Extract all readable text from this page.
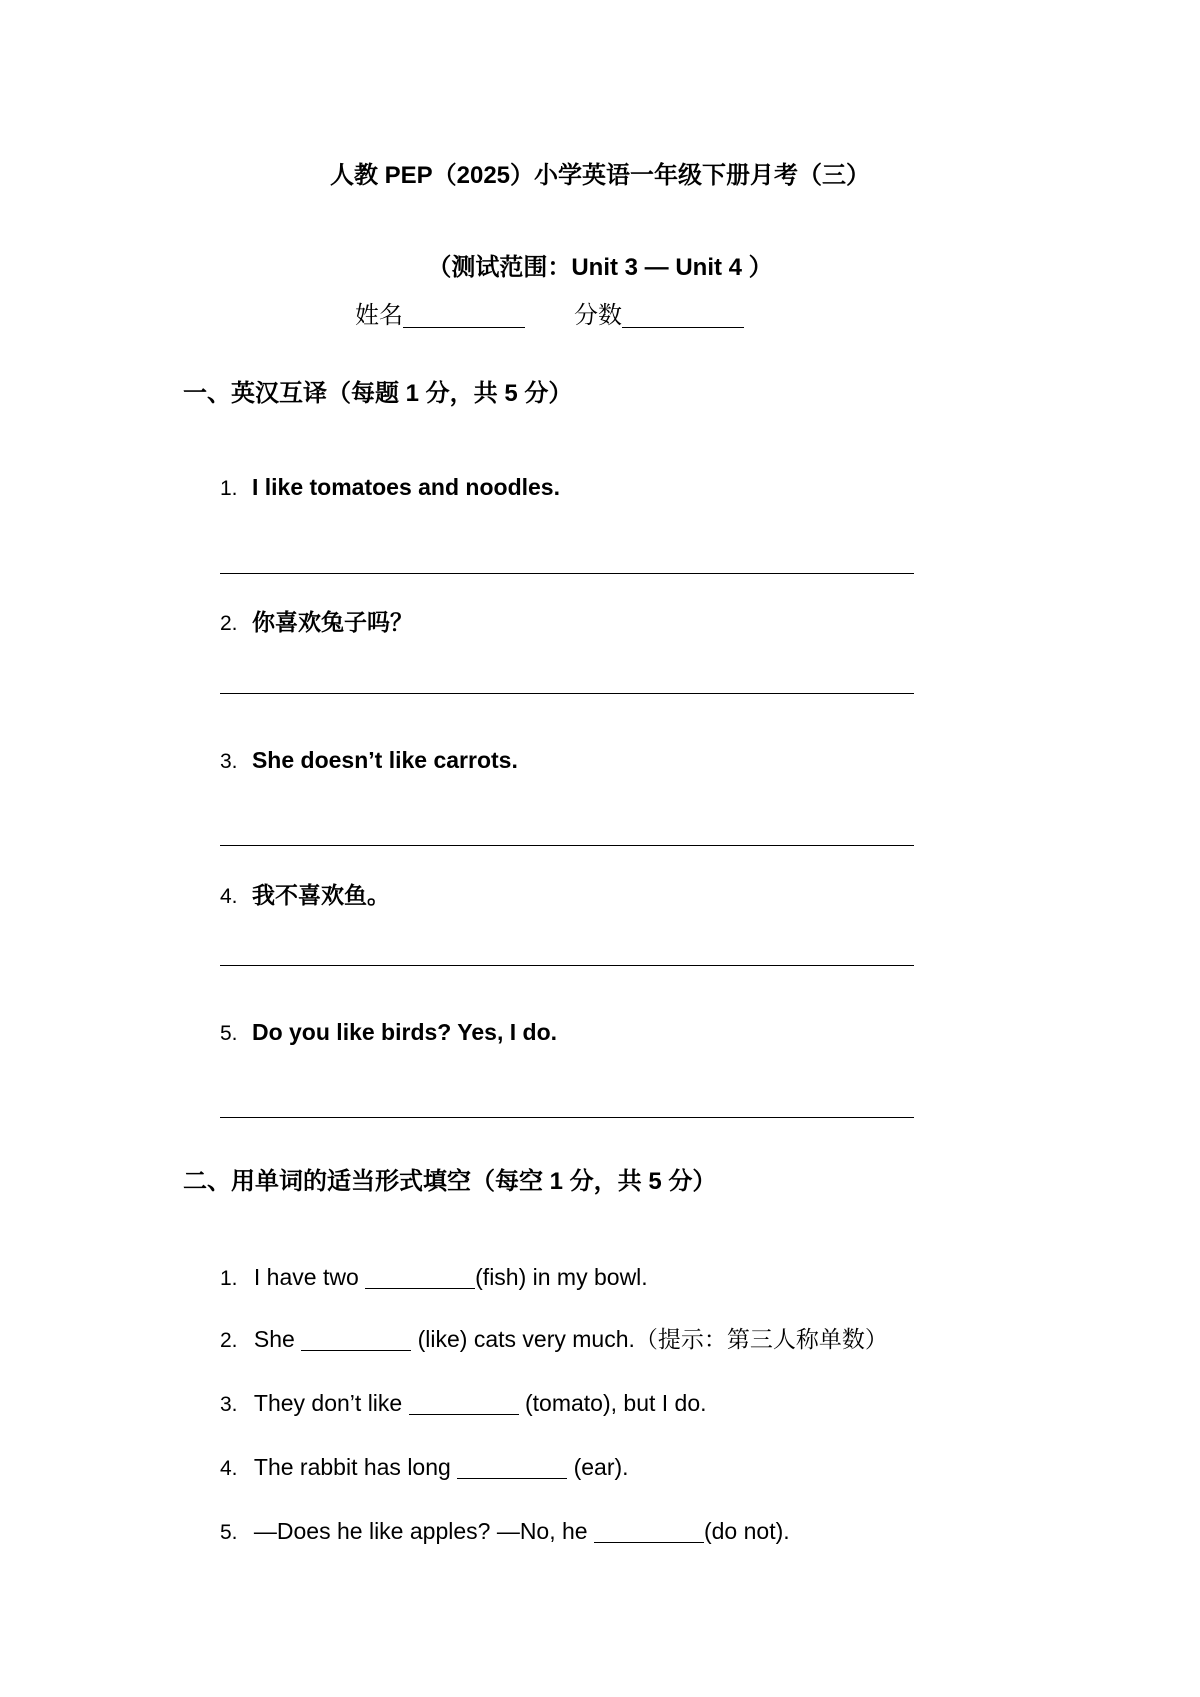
人教 PEP（2025）小学英语一年级下册月考（三）
（测试范围：Unit 3 — Unit 4 ）
姓名	分数
一、英汉互译（每题 1 分，共 5 分）
1. I like tomatoes and noodles.
2. 你喜欢兔子吗？
3. She doesn’t like carrots.
4. 我不喜欢鱼。
5. Do you like birds? Yes, I do.
二、用单词的适当形式填空（每空 1 分，共 5 分）
1. I have two	(fish) in my bowl.
2. She	(like) cats very much.（提示：第三人称单数）
3. They don’t like	(tomato), but I do.
4. The rabbit has long	(ear).
5. —Does he like apples? —No, he	(do not).
